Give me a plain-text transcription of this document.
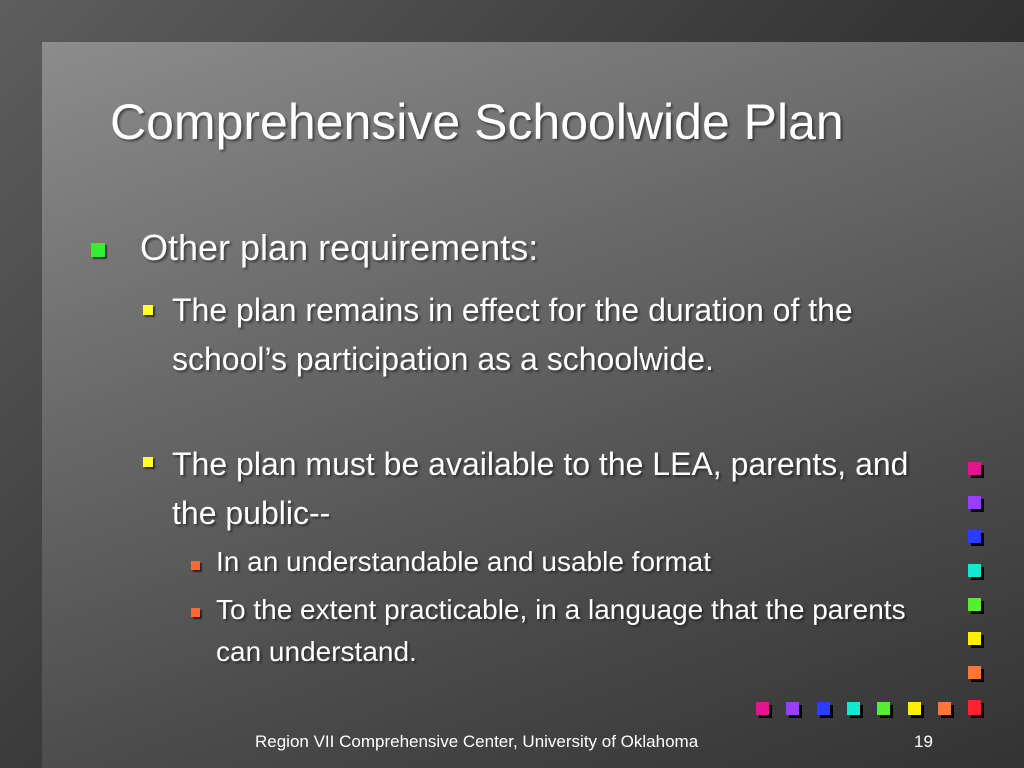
Comprehensive Schoolwide Plan
Other plan requirements:
The plan remains in effect for the duration of the school’s participation as a schoolwide.
The plan must be available to the LEA, parents, and the public--
In an understandable and usable format
To the extent practicable, in a language that the parents can understand.
Region VII Comprehensive Center, University of Oklahoma	19
